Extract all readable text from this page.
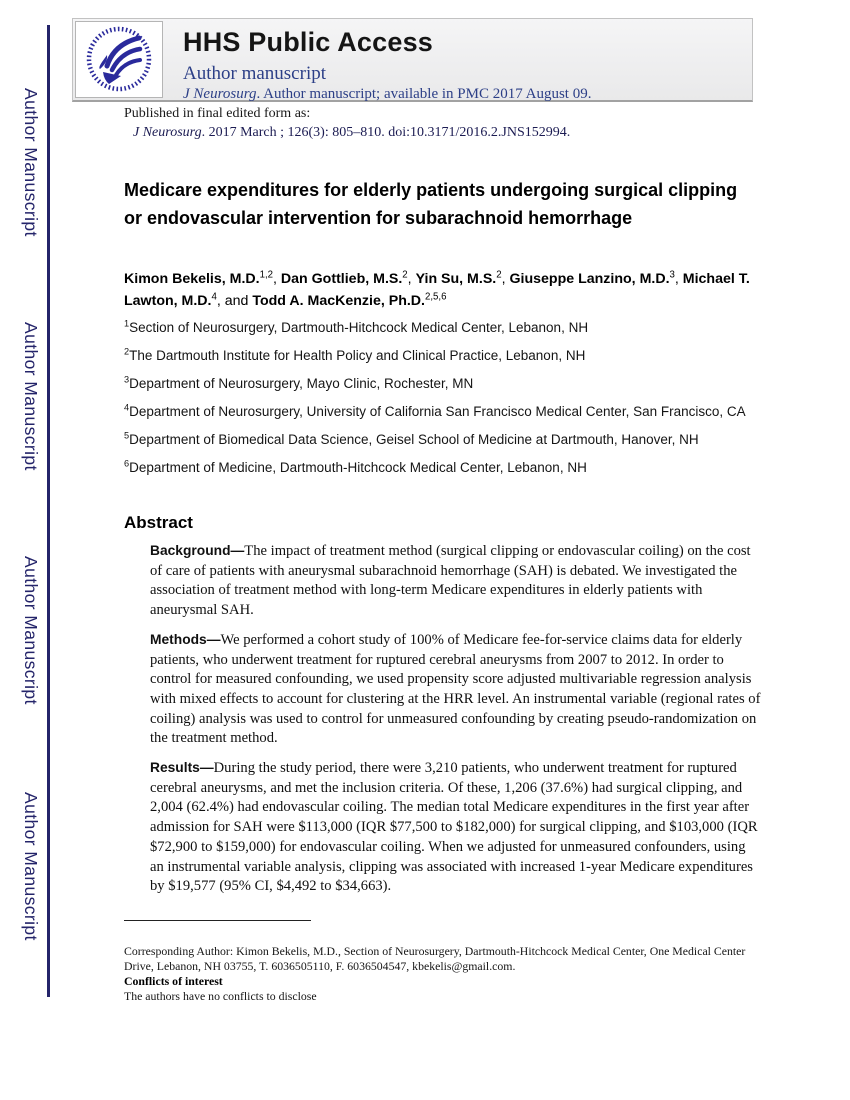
Author Manuscript
Author Manuscript
Author Manuscript
Author Manuscript
HHS Public Access
Author manuscript
J Neurosurg. Author manuscript; available in PMC 2017 August 09.
Published in final edited form as:
J Neurosurg. 2017 March ; 126(3): 805–810. doi:10.3171/2016.2.JNS152994.
Medicare expenditures for elderly patients undergoing surgical clipping or endovascular intervention for subarachnoid hemorrhage
Kimon Bekelis, M.D.$^{1,2}$, Dan Gottlieb, M.S.$^2$, Yin Su, M.S.$^2$, Giuseppe Lanzino, M.D.$^3$, Michael T. Lawton, M.D.$^4$, and Todd A. MacKenzie, Ph.D.$^{2,5,6}$
$^1$Section of Neurosurgery, Dartmouth-Hitchcock Medical Center, Lebanon, NH
$^2$The Dartmouth Institute for Health Policy and Clinical Practice, Lebanon, NH
$^3$Department of Neurosurgery, Mayo Clinic, Rochester, MN
$^4$Department of Neurosurgery, University of California San Francisco Medical Center, San Francisco, CA
$^5$Department of Biomedical Data Science, Geisel School of Medicine at Dartmouth, Hanover, NH
$^6$Department of Medicine, Dartmouth-Hitchcock Medical Center, Lebanon, NH
Abstract

Background—The impact of treatment method (surgical clipping or endovascular coiling) on the cost of care of patients with aneurysmal subarachnoid hemorrhage (SAH) is debated. We investigated the association of treatment method with long-term Medicare expenditures in elderly patients with aneurysmal SAH.

Methods—We performed a cohort study of 100% of Medicare fee-for-service claims data for elderly patients, who underwent treatment for ruptured cerebral aneurysms from 2007 to 2012. In order to control for measured confounding, we used propensity score adjusted multivariable regression analysis with mixed effects to account for clustering at the HRR level. An instrumental variable (regional rates of coiling) analysis was used to control for unmeasured confounding by creating pseudo-randomization on the treatment method.

Results—During the study period, there were 3,210 patients, who underwent treatment for ruptured cerebral aneurysms, and met the inclusion criteria. Of these, 1,206 (37.6%) had surgical clipping, and 2,004 (62.4%) had endovascular coiling. The median total Medicare expenditures in the first year after admission for SAH were $113,000 (IQR $77,500 to $182,000) for surgical clipping, and $103,000 (IQR $72,900 to $159,000) for endovascular coiling. When we adjusted for unmeasured confounders, using an instrumental variable analysis, clipping was associated with increased 1-year Medicare expenditures by $19,577 (95% CI, $4,492 to $34,663).

Corresponding Author: Kimon Bekelis, M.D., Section of Neurosurgery, Dartmouth-Hitchcock Medical Center, One Medical Center Drive, Lebanon, NH 03755, T. 6036505110, F. 6036504547, kbekelis@gmail.com.
Conflicts of interest
The authors have no conflicts to disclose
